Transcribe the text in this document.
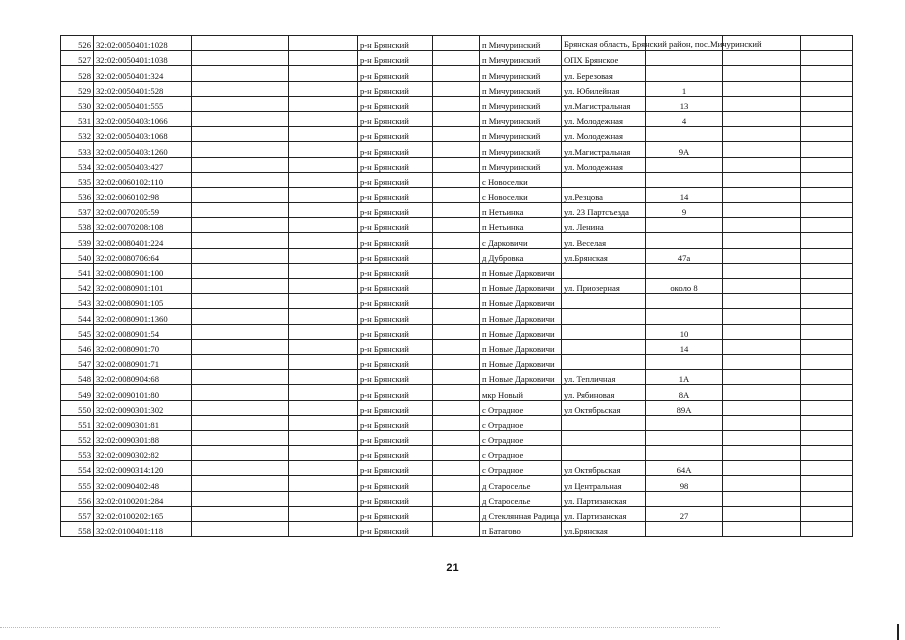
526	32:02:0050401:1028			р-н Брянский		п Мичуринский	Брянская область, Брянский район, пос.Мичуринский			

527	32:02:0050401:1038			р-н Брянский		п Мичуринский	ОПХ Брянское			
528	32:02:0050401:324			р-н Брянский		п Мичуринский	ул. Березовая			
529	32:02:0050401:528			р-н Брянский		п Мичуринский	ул. Юбилейная	1		
530	32:02:0050401:555			р-н Брянский		п Мичуринский	ул.Магистральная	13		
531	32:02:0050403:1066			р-н Брянский		п Мичуринский	ул. Молодежная	4		
532	32:02:0050403:1068			р-н Брянский		п Мичуринский	ул. Молодежная			
533	32:02:0050403:1260			р-н Брянский		п Мичуринский	ул.Магистральная	9А		
534	32:02:0050403:427			р-н Брянский		п Мичуринский	ул. Молодежная			
535	32:02:0060102:110			р-н Брянский		с Новоселки				
536	32:02:0060102:98			р-н Брянский		с Новоселки	ул.Резцова	14		
537	32:02:0070205:59			р-н Брянский		п Нетьинка	ул. 23 Партсъезда	9		
538	32:02:0070208:108			р-н Брянский		п Нетьинка	ул. Ленина			
539	32:02:0080401:224			р-н Брянский		с Дарковичи	ул. Веселая			
540	32:02:0080706:64			р-н Брянский		д Дубровка	ул.Брянская	47а		
541	32:02:0080901:100			р-н Брянский		п Новые Дарковичи				
542	32:02:0080901:101			р-н Брянский		п Новые Дарковичи	ул. Приозерная	около 8		
543	32:02:0080901:105			р-н Брянский		п Новые Дарковичи				
544	32:02:0080901:1360			р-н Брянский		п Новые Дарковичи				
545	32:02:0080901:54			р-н Брянский		п Новые Дарковичи		10		
546	32:02:0080901:70			р-н Брянский		п Новые Дарковичи		14		
547	32:02:0080901:71			р-н Брянский		п Новые Дарковичи				
548	32:02:0080904:68			р-н Брянский		п Новые Дарковичи	ул. Тепличная	1А		
549	32:02:0090101:80			р-н Брянский		мкр Новый	ул. Рябиновая	8А		
550	32:02:0090301:302			р-н Брянский		с Отрадное	ул Октябрьская	89А		
551	32:02:0090301:81			р-н Брянский		с Отрадное				
552	32:02:0090301:88			р-н Брянский		с Отрадное				
553	32:02:0090302:82			р-н Брянский		с Отрадное				
554	32:02:0090314:120			р-н Брянский		с Отрадное	ул Октябрьская	64А		
555	32:02:0090402:48			р-н Брянский		д Староселье	ул Центральная	98		
556	32:02:0100201:284			р-н Брянский		д Староселье	ул. Партизанская			
557	32:02:0100202:165			р-н Брянский		д Стеклянная Радица	ул. Партизанская	27		
558	32:02:0100401:118			р-н Брянский		п Батагово	ул.Брянская			
21
